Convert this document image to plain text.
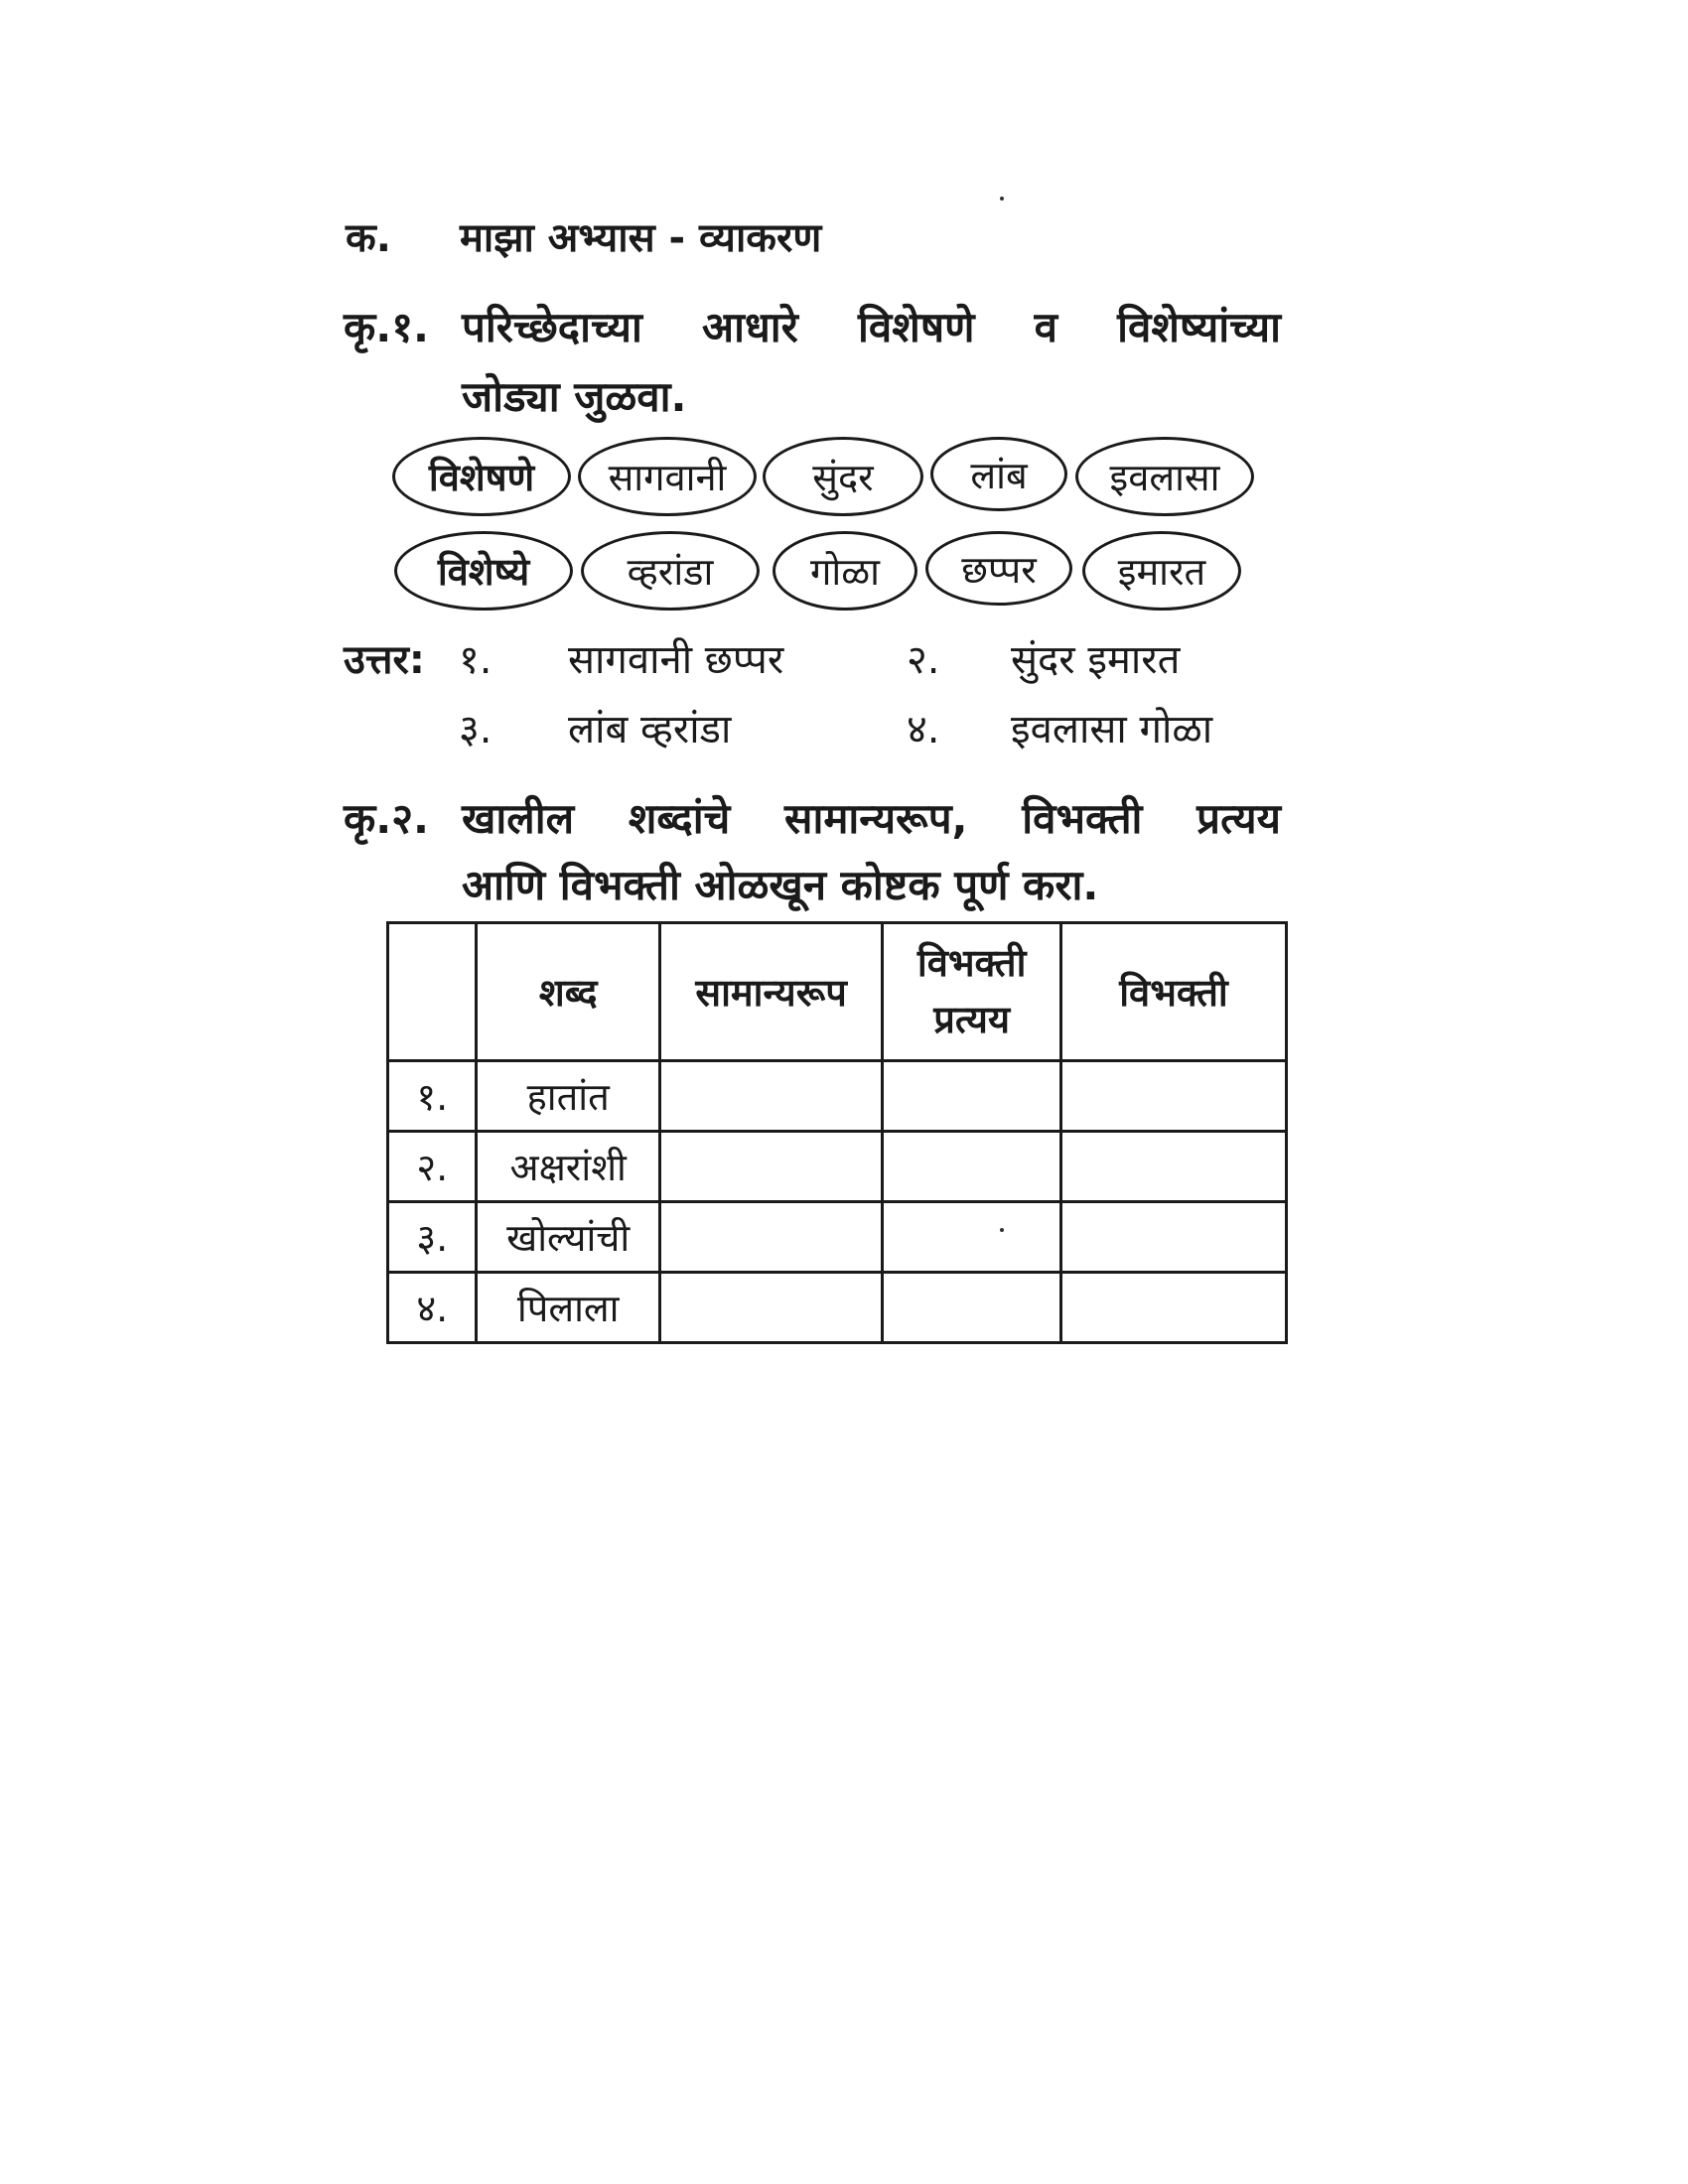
क. माझा अभ्यास - व्याकरण
कृ.१. परिच्छेदाच्या आधारे विशेषणे व विशेष्यांच्या
जोड्या जुळवा.
विशेषणे	सागवानी	सुंदर	लांब	इवलासा
विशेष्ये	व्हरांडा	गोळा	छप्पर	इमारत
उत्तर: १. सागवानी छप्पर	२. सुंदर इमारत
३. लांब व्हरांडा	४. इवलासा गोळा
कृ.२. खालील शब्दांचे सामान्यरूप, विभक्ती प्रत्यय
आणि विभक्ती ओळखून कोष्टक पूर्ण करा.
	शब्द	सामान्यरूप	विभक्ती प्रत्यय	विभक्ती
१.	हातांत			
२.	अक्षरांशी			
३.	खोल्यांची			
४.	पिलाला			
